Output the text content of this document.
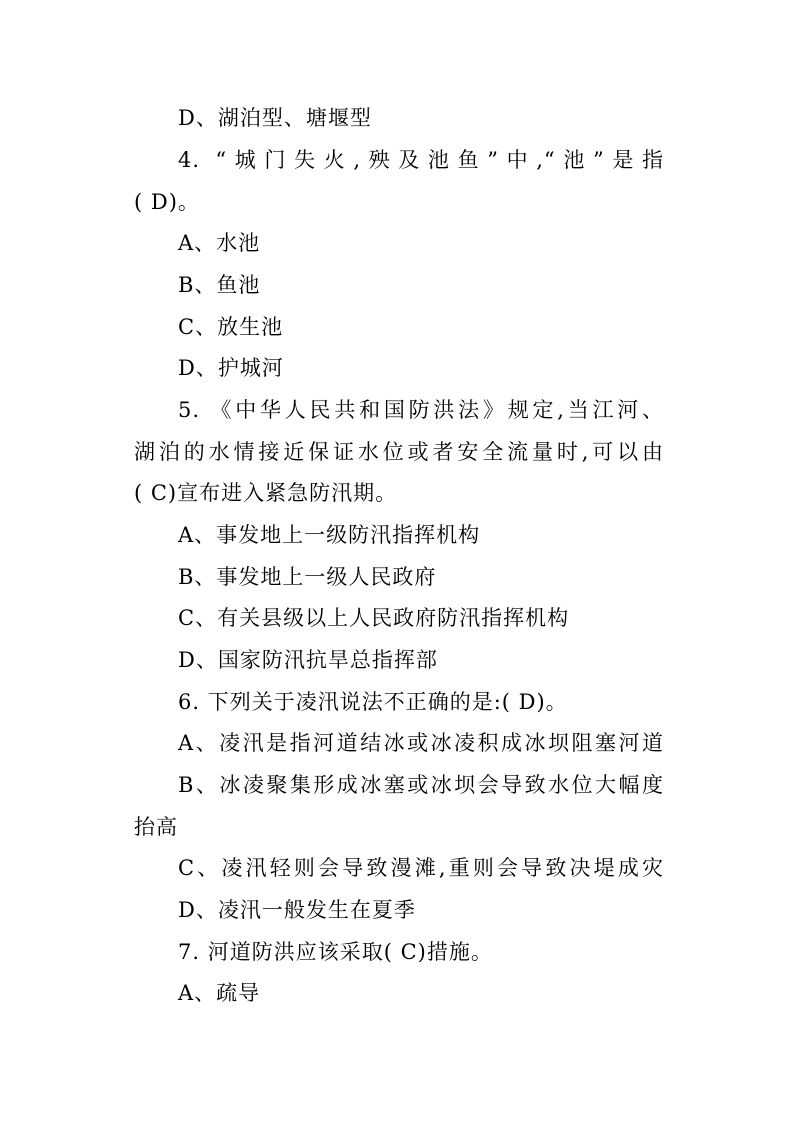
D、湖泊型、塘堰型
4. “城门失火,殃及池鱼”中,“池”是指
( D)。
A、水池
B、鱼池
C、放生池
D、护城河
5. 《中华人民共和国防洪法》规定,当江河、
湖泊的水情接近保证水位或者安全流量时,可以由
( C)宣布进入紧急防汛期。
A、事发地上一级防汛指挥机构
B、事发地上一级人民政府
C、有关县级以上人民政府防汛指挥机构
D、国家防汛抗旱总指挥部
6. 下列关于凌汛说法不正确的是:( D)。
A、凌汛是指河道结冰或冰凌积成冰坝阻塞河道
B、冰凌聚集形成冰塞或冰坝会导致水位大幅度
抬高
C、凌汛轻则会导致漫滩,重则会导致决堤成灾
D、凌汛一般发生在夏季
7. 河道防洪应该采取( C)措施。
A、疏导
